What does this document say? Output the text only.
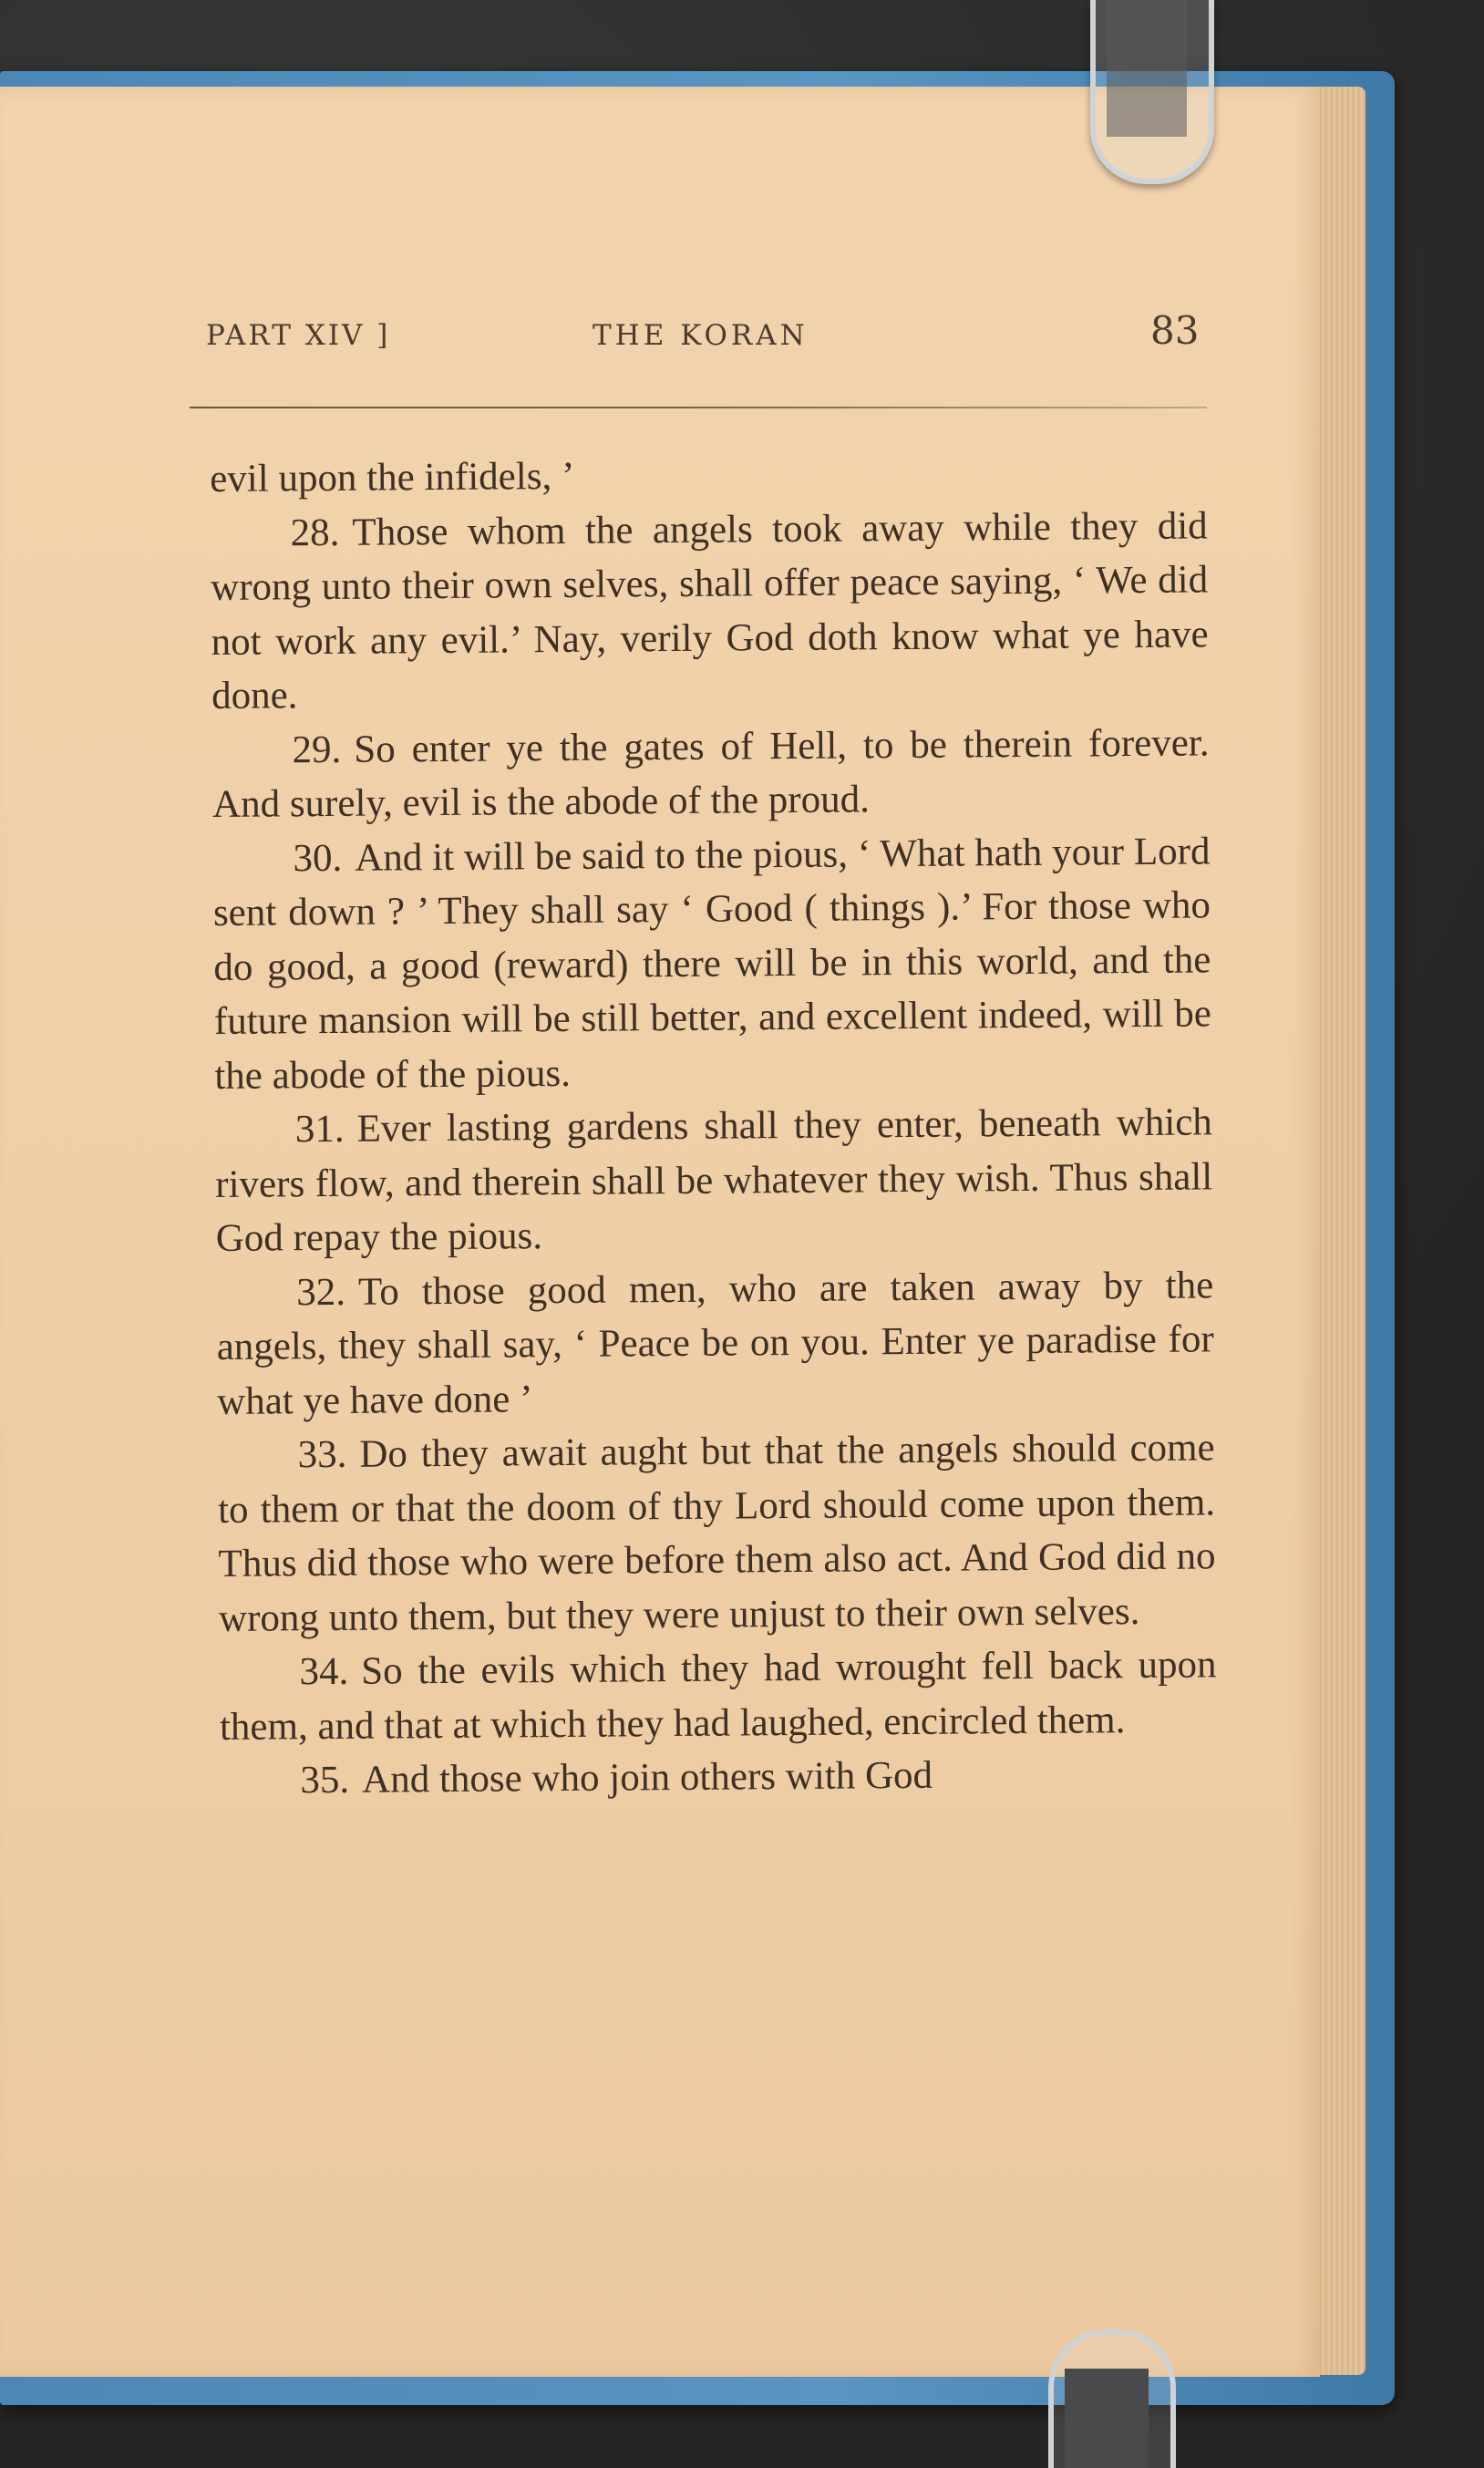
PART XIV ]	THE KORAN	83

evil upon the infidels, ’

28. Those whom the angels took away while they did wrong unto their own selves, shall offer peace saying, ‘ We did not work any evil.’ Nay, verily God doth know what ye have done.

29. So enter ye the gates of Hell, to be therein forever. And surely, evil is the abode of the proud.

30. And it will be said to the pious, ‘ What hath your Lord sent down ? ’ They shall say ‘ Good ( things ).’ For those who do good, a good (reward) there will be in this world, and the future mansion will be still better, and excellent indeed, will be the abode of the pious.

31. Ever lasting gardens shall they enter, beneath which rivers flow, and therein shall be whatever they wish. Thus shall God repay the pious.

32. To those good men, who are taken away by the angels, they shall say, ‘ Peace be on you. Enter ye paradise for what ye have done ’

33. Do they await aught but that the angels should come to them or that the doom of thy Lord should come upon them. Thus did those who were before them also act. And God did no wrong unto them, but they were unjust to their own selves.

34. So the evils which they had wrought fell back upon them, and that at which they had laughed, encircled them.

35. And those who join others with God
